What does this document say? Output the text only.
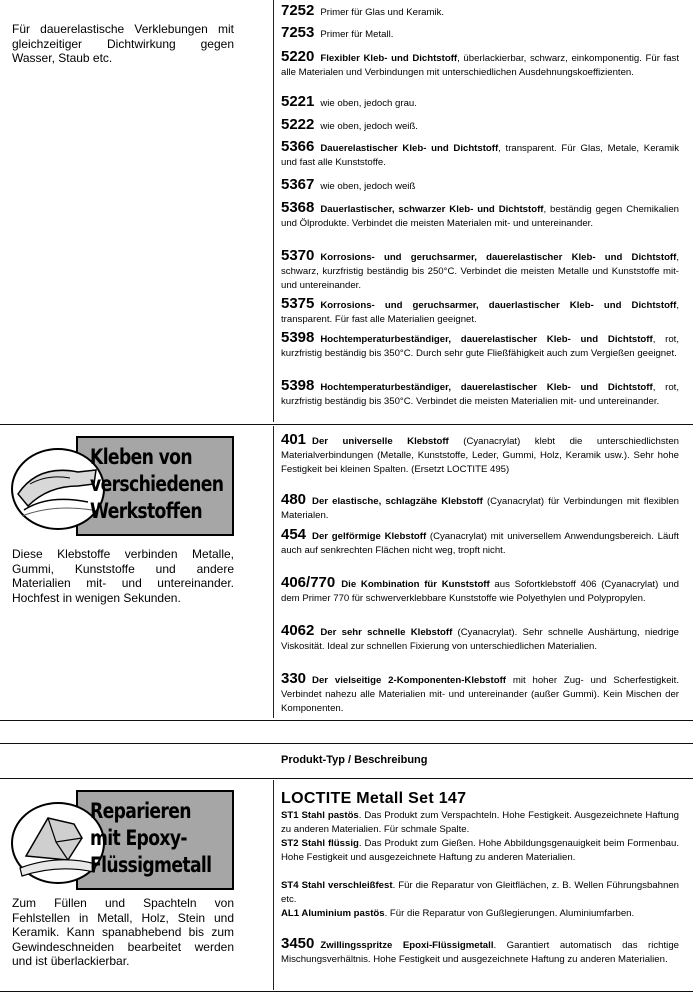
Für dauerelastische Verklebungen mit gleichzeitiger Dichtwirkung gegen Wasser, Staub etc.
7252 Primer für Glas und Keramik.
7253 Primer für Metall.
5220 Flexibler Kleb- und Dichtstoff, überlackierbar, schwarz, einkomponentig. Für fast alle Materialen und Verbindungen mit unterschiedlichen Ausdehnungskoeffizienten.
5221 wie oben, jedoch grau.
5222 wie oben, jedoch weiß.
5366 Dauerelastischer Kleb- und Dichtstoff, transparent. Für Glas, Metale, Keramik und fast alle Kunststoffe.
5367 wie oben, jedoch weiß
5368 Dauerlastischer, schwarzer Kleb- und Dichtstoff, beständig gegen Chemikalien und Ölprodukte. Verbindet die meisten Materialen mit- und untereinander.
5370 Korrosions- und geruchsarmer, dauerelastischer Kleb- und Dichtstoff, schwarz, kurzfristig beständig bis 250°C. Verbindet die meisten Metalle und Kunststoffe mit- und untereinander.
5375 Korrosions- und geruchsarmer, dauerlastischer Kleb- und Dichtstoff, transparent. Für fast alle Materialien geeignet.
5398 Hochtemperaturbeständiger, dauerelastischer Kleb- und Dichtstoff, rot, kurzfristig beständig bis 350°C. Durch sehr gute Fließfähigkeit auch zum Vergießen geeignet.
5398 Hochtemperaturbeständiger, dauerelastischer Kleb- und Dichtstoff, rot, kurzfristig beständig bis 350°C. Verbindet die meisten Materialien mit- und untereinander.
Kleben von
verschiedenen
Werkstoffen
Diese Klebstoffe verbinden Metalle, Gummi, Kunststoffe und andere Materialien mit- und untereinander. Hochfest in wenigen Sekunden.
401 Der universelle Klebstoff (Cyanacrylat) klebt die unterschiedlichsten Materialverbindungen (Metalle, Kunststoffe, Leder, Gummi, Holz, Keramik usw.). Sehr hohe Festigkeit bei kleinen Spalten. (Ersetzt LOCTITE 495)
480 Der elastische, schlagzähe Klebstoff (Cyanacrylat) für Verbindungen mit flexiblen Materialen.
454 Der gelförmige Klebstoff (Cyanacrylat) mit universellem Anwendungsbereich. Läuft auch auf senkrechten Flächen nicht weg, tropft nicht.
406/770 Die Kombination für Kunststoff aus Sofortklebstoff 406 (Cyanacrylat) und dem Primer 770 für schwerverklebbare Kunststoffe wie Polyethylen und Polypropylen.
4062 Der sehr schnelle Klebstoff (Cyanacrylat). Sehr schnelle Aushärtung, niedrige Viskosität. Ideal zur schnellen Fixierung von unterschiedlichen Materialien.
330 Der vielseitige 2-Komponenten-Klebstoff mit hoher Zug- und Scherfestigkeit. Verbindet nahezu alle Materialien mit- und untereinander (außer Gummi). Kein Mischen der Komponenten.
Produkt-Typ / Beschreibung
Reparieren
mit Epoxy-
Flüssigmetall
Zum Füllen und Spachteln von Fehlstellen in Metall, Holz, Stein und Keramik. Kann spanabhebend bis zum Gewindeschneiden bearbeitet werden und ist überlackierbar.
LOCTITE Metall Set 147
ST1 Stahl pastös. Das Produkt zum Verspachteln. Hohe Festigkeit. Ausgezeichnete Haftung zu anderen Materialien. Für schmale Spalte.
ST2 Stahl flüssig. Das Produkt zum Gießen. Hohe Abbildungsgenauigkeit beim Formenbau. Hohe Festigkeit und ausgezeichnete Haftung zu anderen Materialien.
ST4 Stahl verschleißfest. Für die Reparatur von Gleitflächen, z. B. Wellen Führungsbahnen etc.
AL1 Aluminium pastös. Für die Reparatur von Gußlegierungen. Aluminiumfarben.
3450 Zwillingsspritze Epoxi-Flüssigmetall. Garantiert automatisch das richtige Mischungsverhältnis. Hohe Festigkeit und ausgezeichnete Haftung zu anderen Materialien.
